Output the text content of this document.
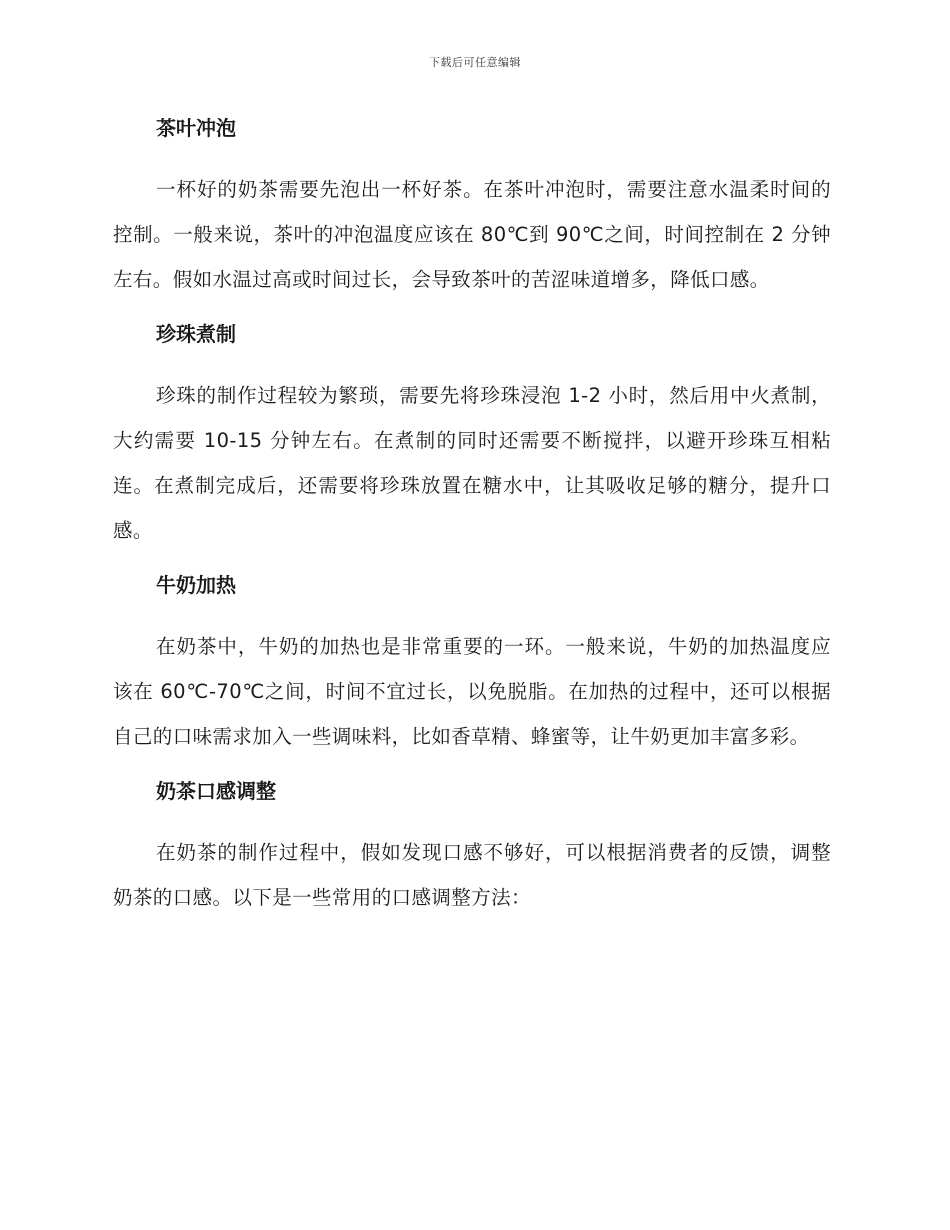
下载后可任意编辑
茶叶冲泡

一杯好的奶茶需要先泡出一杯好茶。在茶叶冲泡时，需要注意水温柔时间的控制。一般来说，茶叶的冲泡温度应该在 80℃到 90℃之间，时间控制在 2 分钟左右。假如水温过高或时间过长，会导致茶叶的苦涩味道增多，降低口感。

珍珠煮制

珍珠的制作过程较为繁琐，需要先将珍珠浸泡 1-2 小时，然后用中火煮制，大约需要 10-15 分钟左右。在煮制的同时还需要不断搅拌，以避开珍珠互相粘连。在煮制完成后，还需要将珍珠放置在糖水中，让其吸收足够的糖分，提升口感。

牛奶加热

在奶茶中，牛奶的加热也是非常重要的一环。一般来说，牛奶的加热温度应该在 60℃-70℃之间，时间不宜过长，以免脱脂。在加热的过程中，还可以根据自己的口味需求加入一些调味料，比如香草精、蜂蜜等，让牛奶更加丰富多彩。

奶茶口感调整

在奶茶的制作过程中，假如发现口感不够好，可以根据消费者的反馈，调整奶茶的口感。以下是一些常用的口感调整方法：
